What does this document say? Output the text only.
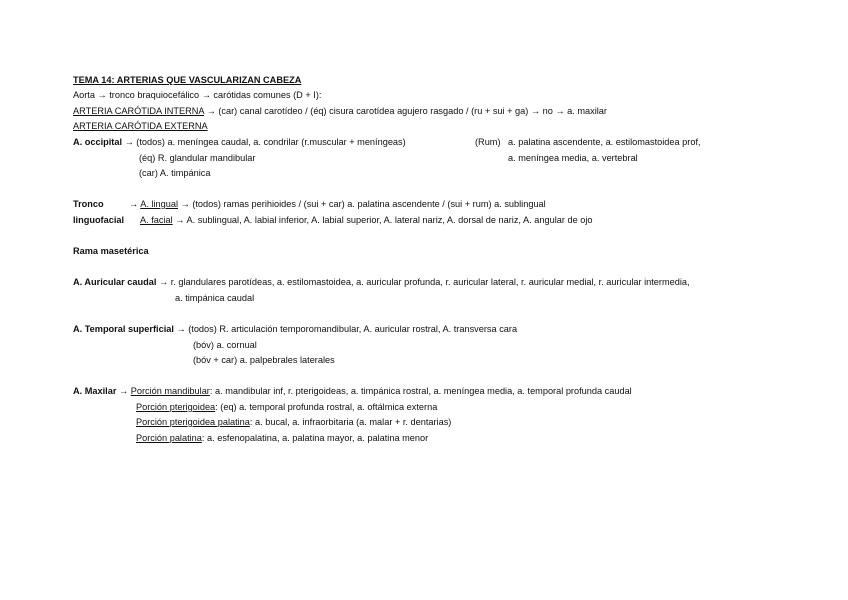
TEMA 14: ARTERIAS QUE VASCULARIZAN CABEZA
Aorta → tronco braquiocefálico → carótidas comunes (D + I):
ARTERIA CARÓTIDA INTERNA → (car) canal carotídeo / (éq) cisura carotídea agujero rasgado / (ru + sui + ga) → no → a. maxilar
ARTERIA CARÓTIDA EXTERNA
A. occipital → (todos) a. meníngea caudal, a. condrilar (r.muscular + meníngeas)	(Rum) a. palatina ascendente, a. estilomastoidea prof,
(éq) R. glandular mandibular	a. meníngea media, a. vertebral
(car) A. timpánica
Tronco	→ A. lingual → (todos) ramas perihioides / (sui + car) a. palatina ascendente / (sui + rum) a. sublingual
linguofacial A. facial → A. sublingual, A. labial inferior, A. labial superior, A. lateral nariz, A. dorsal de nariz, A. angular de ojo
Rama masetérica
A. Auricular caudal → r. glandulares parotídeas, a. estilomastoidea, a. auricular profunda, r. auricular lateral, r. auricular medial, r. auricular intermedia,
a. timpánica caudal
A. Temporal superficial → (todos) R. articulación temporomandibular, A. auricular rostral, A. transversa cara
(bóv) a. cornual
(bóv + car) a. palpebrales laterales
A. Maxilar → Porción mandibular: a. mandibular inf, r. pterigoideas, a. timpánica rostral, a. meníngea media, a. temporal profunda caudal
Porción pterigoidea: (eq) a. temporal profunda rostral, a. oftálmica externa
Porción pterigoidea palatina: a. bucal, a. infraorbitaria (a. malar + r. dentarias)
Porción palatina: a. esfenopalatina, a. palatina mayor, a. palatina menor
